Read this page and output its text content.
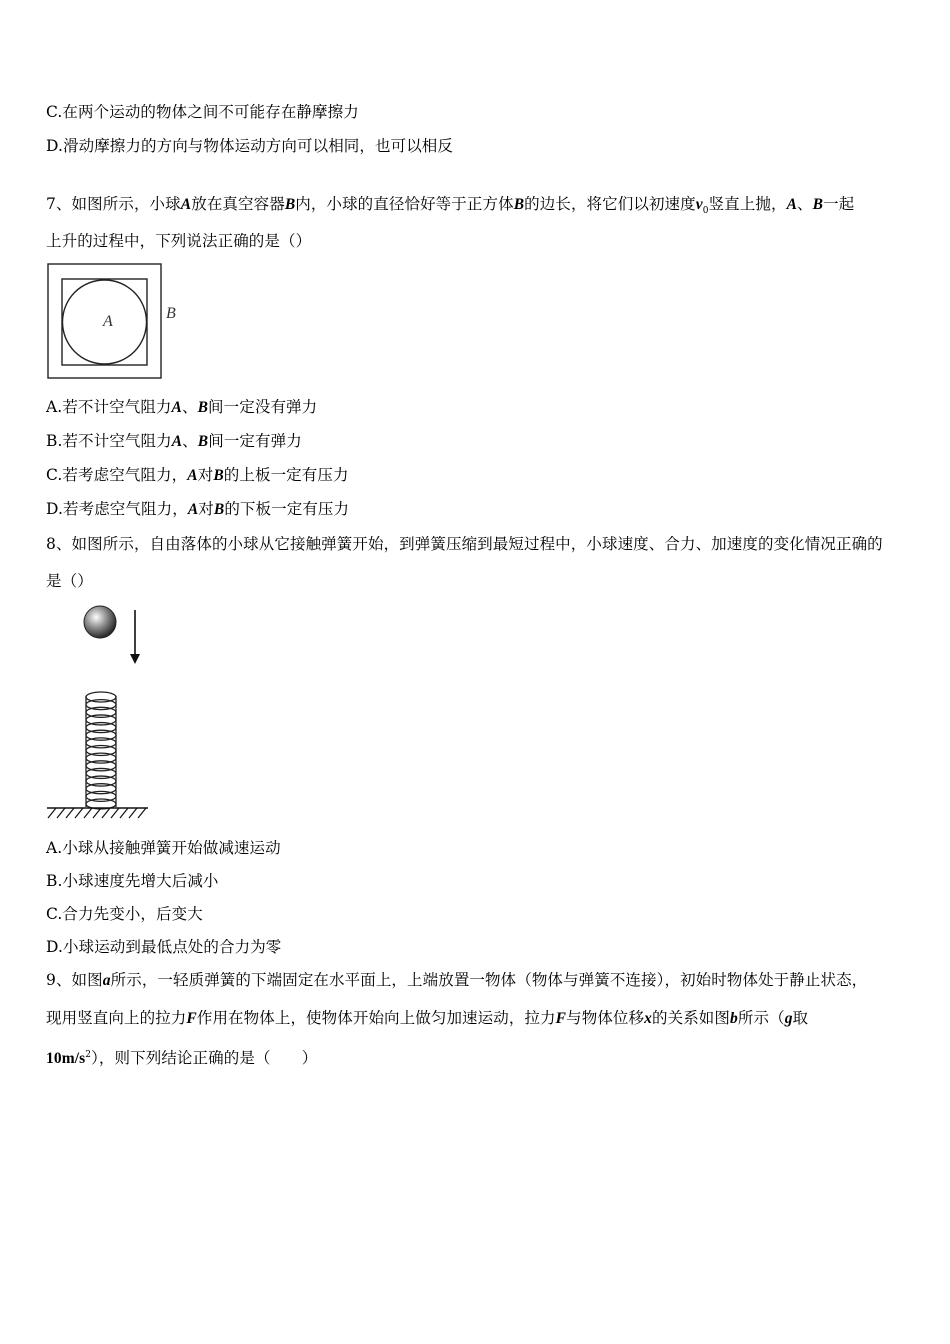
C.在两个运动的物体之间不可能存在静摩擦力
D.滑动摩擦力的方向与物体运动方向可以相同，也可以相反
7、如图所示，小球A放在真空容器B内，小球的直径恰好等于正方体B的边长，将它们以初速度$v_0$竖直上抛，A、B一起
上升的过程中，下列说法正确的是（）
A	B
A.若不计空气阻力A、B间一定没有弹力
B.若不计空气阻力A、B间一定有弹力
C.若考虑空气阻力，A对B的上板一定有压力
D.若考虑空气阻力，A对B的下板一定有压力
8、如图所示，自由落体的小球从它接触弹簧开始，到弹簧压缩到最短过程中，小球速度、合力、加速度的变化情况正确的
是（）
A.小球从接触弹簧开始做减速运动
B.小球速度先增大后减小
C.合力先变小，后变大
D.小球运动到最低点处的合力为零
9、如图a所示，一轻质弹簧的下端固定在水平面上，上端放置一物体（物体与弹簧不连接），初始时物体处于静止状态，
现用竖直向上的拉力F作用在物体上，使物体开始向上做匀加速运动，拉力F与物体位移x的关系如图b所示（g取
$10m/s^2$），则下列结论正确的是（　　）
